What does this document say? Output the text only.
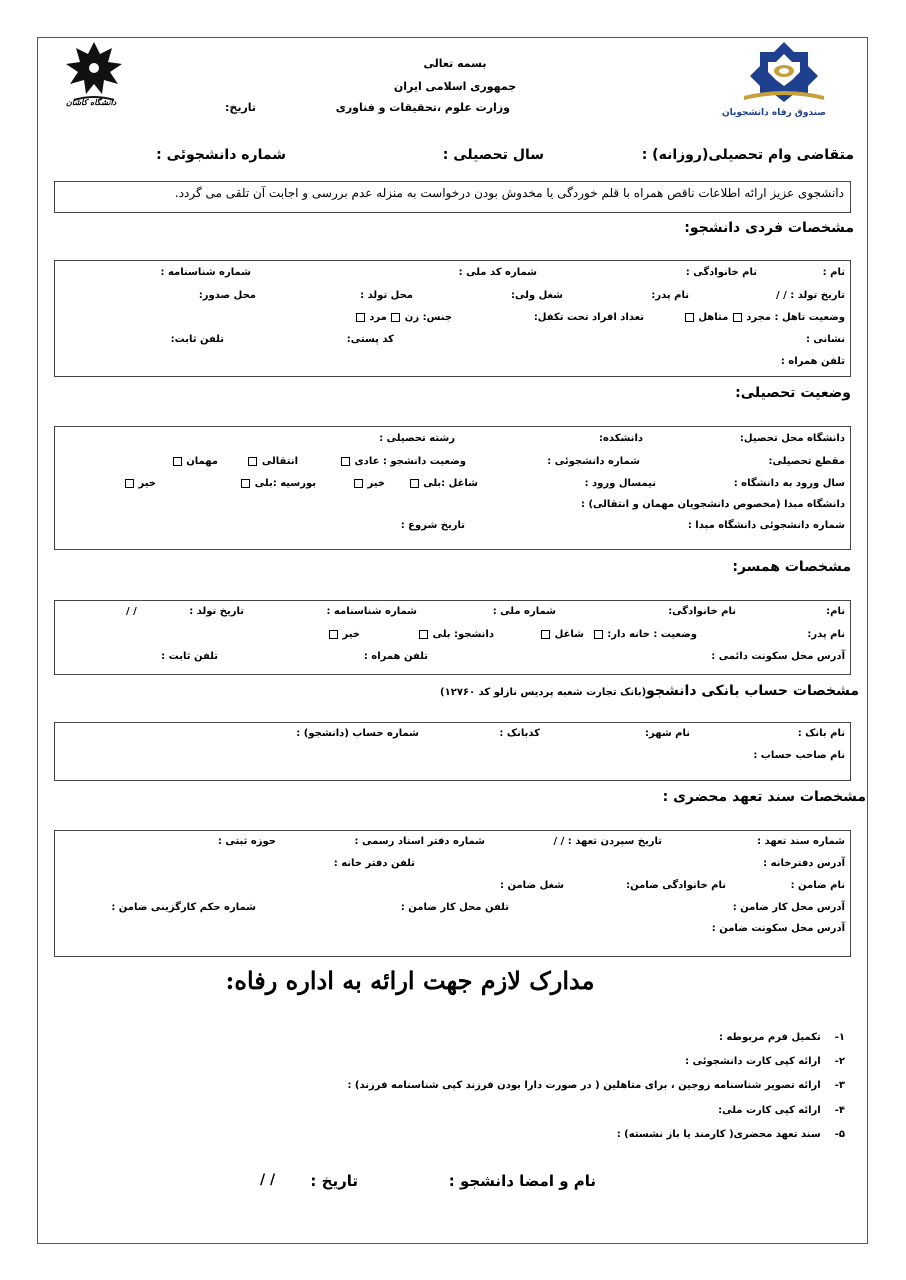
صندوق رفاه دانشجویان
دانشگاه کاشان
بسمه تعالی
جمهوری اسلامی ایران
وزارت علوم ،تحقیقات و فناوری
تاریخ:
متقاضی وام تحصیلی(روزانه) :
سال تحصیلی :
شماره دانشجوئی :
دانشجوی عزیز ارائه اطلاعات ناقص همراه با قلم خوردگی یا مخدوش بودن درخواست به منزله عدم بررسی و اجابت آن تلقی می گردد.
مشخصات فردی دانشجو:
نام :
نام خانوادگی :
شماره کد ملی :
شماره شناسنامه :
تاریخ تولد : / /
نام پدر:
شغل ولی:
محل تولد :
محل صدور:
وضعیت تاهل : مجرد  متاهل
تعداد افراد تحت تکفل:
جنس: زن  مرد
نشانی :
کد پستی:
تلفن ثابت:
تلفن همراه :
وضعیت تحصیلی:
دانشگاه محل تحصیل:
دانشکده:
رشته تحصیلی :
مقطع تحصیلی:
شماره دانشجوئی :
وضعیت دانشجو : عادی
انتقالی
مهمان
سال ورود به دانشگاه :
نیمسال ورود :
شاغل :بلی
خیر
بورسیه :بلی
خیر
دانشگاه مبدا (مخصوص دانشجویان مهمان و انتقالی) :
شماره دانشجوئی دانشگاه مبدا :
تاریخ شروع :
مشخصات همسر:
نام:
نام خانوادگی:
شماره ملی :
شماره شناسنامه :
تاریخ تولد :
/ /
نام پدر:
وضعیت : خانه دار:
شاغل
دانشجو: بلی
خیر
آدرس محل سکونت دائمی :
تلفن همراه :
تلفن ثابت :
مشخصات حساب بانکی دانشجو(بانک تجارت شعبه پردیس نازلو کد ۱۲۷۶۰)
نام بانک :
نام شهر:
کدبانک :
شماره حساب (دانشجو) :
نام صاحب حساب :
مشخصات سند تعهد محضری :
شماره سند تعهد :
تاریخ سپردن تعهد : / /
شماره دفتر اسناد رسمی :
حوزه ثبتی :
آدرس دفترخانه :
تلفن دفتر خانه :
نام ضامن :
نام خانوادگی ضامن:
شغل ضامن :
آدرس محل کار ضامن :
تلفن محل کار ضامن :
شماره حکم کارگزینی ضامن :
آدرس محل سکونت ضامن :
مدارک لازم جهت ارائه به اداره رفاه:
۱-تکمیل فرم مربوطه :
۲-ارائه کپی کارت دانشجوئی :
۳-ارائه تصویر شناسنامه زوجین ، برای متاهلین ( در صورت دارا بودن فرزند کپی شناسنامه فرزند) :
۴-ارائه کپی کارت ملی:
۵-سند تعهد محضری( کارمند یا باز نشسته) :
نام و امضا دانشجو :
تاریخ :
/ /
